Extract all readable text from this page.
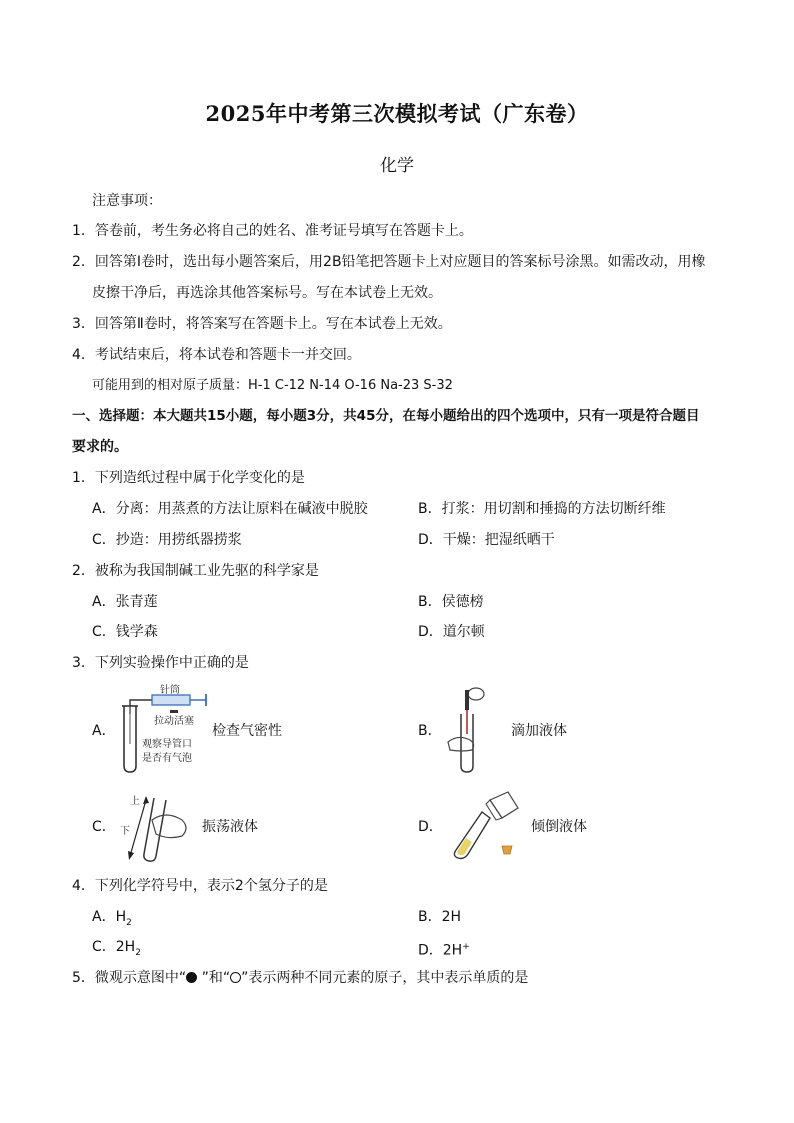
2025年中考第三次模拟考试（广东卷）
化学
注意事项：
1．答卷前，考生务必将自己的姓名、准考证号填写在答题卡上。
2．回答第Ⅰ卷时，选出每小题答案后，用2B铅笔把答题卡上对应题目的答案标号涂黑。如需改动，用橡
皮擦干净后，再选涂其他答案标号。写在本试卷上无效。
3．回答第Ⅱ卷时，将答案写在答题卡上。写在本试卷上无效。
4．考试结束后，将本试卷和答题卡一并交回。
可能用到的相对原子质量：H-1 C-12 N-14 O-16 Na-23 S-32
一、选择题：本大题共15小题，每小题3分，共45分，在每小题给出的四个选项中，只有一项是符合题目
要求的。
1．下列造纸过程中属于化学变化的是
A．分离：用蒸煮的方法让原料在碱液中脱胶	B．打浆：用切割和捶捣的方法切断纤维
C．抄造：用捞纸器捞浆	D．干燥：把湿纸晒干
2．被称为我国制碱工业先驱的科学家是
A．张青莲	B．侯德榜
C．钱学森	D．道尔顿
3．下列实验操作中正确的是
A．
针筒
拉动活塞
观察导管口
是否有气泡
检查气密性	B．	滴加液体
C．
上
下	振荡液体	D．	倾倒液体
4．下列化学符号中，表示2个氢分子的是
A．$H_2$	B．2H
C．$2H_2$	D．2H+
5．微观示意图中“ ”和“ ”表示两种不同元素的原子，其中表示单质的是
